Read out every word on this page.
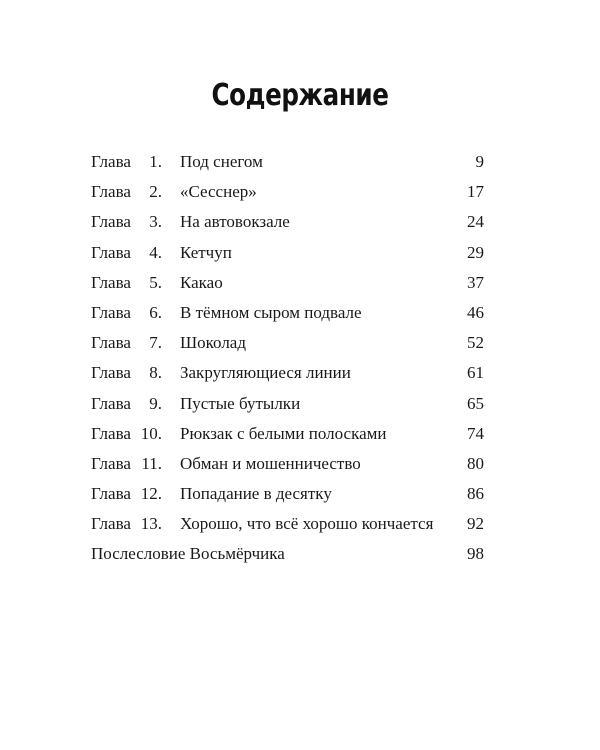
Содержание
Глава	1. Под снегом	9
Глава	2. «Сесснер»	17
Глава	3. На автовокзале	24
Глава	4. Кетчуп	29
Глава	5. Какао	37
Глава	6. В тёмном сыром подвале	46
Глава	7. Шоколад	52
Глава	8. Закругляющиеся линии	61
Глава	9. Пустые бутылки	65
Глава 10. Рюкзак с белыми полосками	74
Глава 11. Обман и мошенничество	80
Глава 12. Попадание в десятку	86
Глава 13. Хорошо, что всё хорошо кончается 92
Послесловие Восьмёрчика	98
